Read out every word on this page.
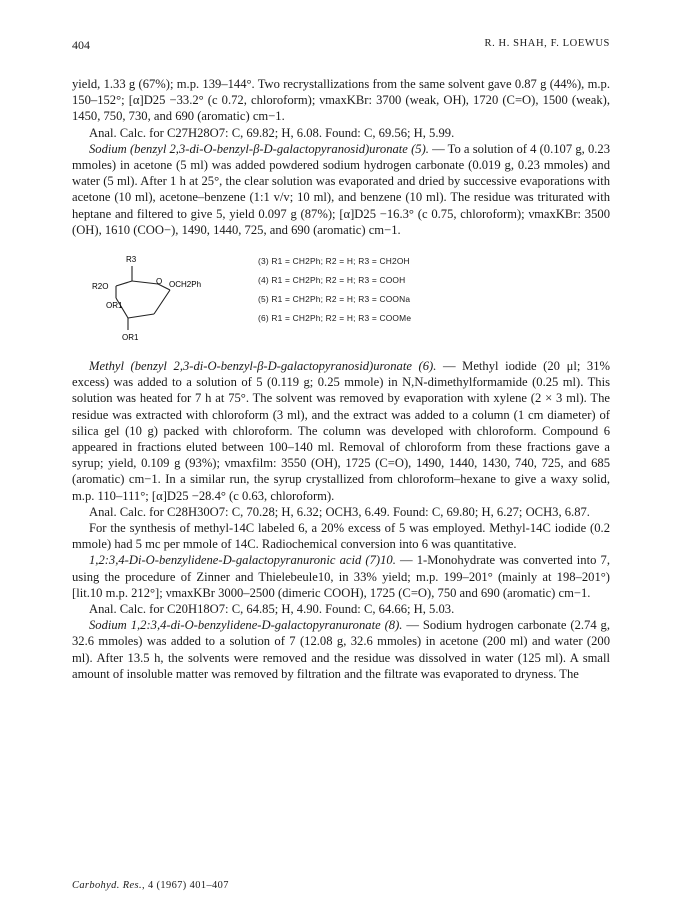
404	R. H. SHAH, F. LOEWUS

yield, 1.33 g (67%); m.p. 139–144°. Two recrystallizations from the same solvent gave 0.87 g (44%), m.p. 150–152°; [α]D25 −33.2° (c 0.72, chloroform); νmaxKBr: 3700 (weak, OH), 1720 (C=O), 1500 (weak), 1450, 750, 730, and 690 (aromatic) cm−1.

Anal. Calc. for C27H28O7: C, 69.82; H, 6.08. Found: C, 69.56; H, 5.99.

Sodium (benzyl 2,3-di-O-benzyl-β-D-galactopyranosid)uronate (5). — To a solution of 4 (0.107 g, 0.23 mmoles) in acetone (5 ml) was added powdered sodium hydrogen carbonate (0.019 g, 0.23 mmoles) and water (5 ml). After 1 h at 25°, the clear solution was evaporated and dried by successive evaporations with acetone (10 ml), acetone–benzene (1:1 v/v; 10 ml), and benzene (10 ml). The residue was triturated with heptane and filtered to give 5, yield 0.097 g (87%); [α]D25 −16.3° (c 0.75, chloroform); νmaxKBr: 3500 (OH), 1610 (COO−), 1490, 1440, 725, and 690 (aromatic) cm−1.

R3
R2O
O OCH2Ph
OR1
OR1
(3) R1 = CH2Ph; R2 = H; R3 = CH2OH
(4) R1 = CH2Ph; R2 = H; R3 = COOH
(5) R1 = CH2Ph; R2 = H; R3 = COONa
(6) R1 = CH2Ph; R2 = H; R3 = COOMe

Methyl (benzyl 2,3-di-O-benzyl-β-D-galactopyranosid)uronate (6). — Methyl iodide (20 μl; 31% excess) was added to a solution of 5 (0.119 g; 0.25 mmole) in N,N-dimethylformamide (0.25 ml). This solution was heated for 7 h at 75°. The solvent was removed by evaporation with xylene (2 × 3 ml). The residue was extracted with chloroform (3 ml), and the extract was added to a column (1 cm diameter) of silica gel (10 g) packed with chloroform. The column was developed with chloroform. Compound 6 appeared in fractions eluted between 100–140 ml. Removal of chloroform from these fractions gave a syrup; yield, 0.109 g (93%); νmaxfilm: 3550 (OH), 1725 (C=O), 1490, 1440, 1430, 740, 725, and 685 (aromatic) cm−1. In a similar run, the syrup crystallized from chloroform–hexane to give a waxy solid, m.p. 110–111°; [α]D25 −28.4° (c 0.63, chloroform).

Anal. Calc. for C28H30O7: C, 70.28; H, 6.32; OCH3, 6.49. Found: C, 69.80; H, 6.27; OCH3, 6.87.

For the synthesis of methyl-14C labeled 6, a 20% excess of 5 was employed. Methyl-14C iodide (0.2 mmole) had 5 mc per mmole of 14C. Radiochemical conversion into 6 was quantitative.

1,2:3,4-Di-O-benzylidene-D-galactopyranuronic acid (7)10. — 1-Monohydrate was converted into 7, using the procedure of Zinner and Thielebeule10, in 33% yield; m.p. 199–201° (mainly at 198–201°) [lit.10 m.p. 212°]; νmaxKBr 3000–2500 (dimeric COOH), 1725 (C=O), 750 and 690 (aromatic) cm−1.

Anal. Calc. for C20H18O7: C, 64.85; H, 4.90. Found: C, 64.66; H, 5.03.

Sodium 1,2:3,4-di-O-benzylidene-D-galactopyranuronate (8). — Sodium hydrogen carbonate (2.74 g, 32.6 mmoles) was added to a solution of 7 (12.08 g, 32.6 mmoles) in acetone (200 ml) and water (200 ml). After 13.5 h, the solvents were removed and the residue was dissolved in water (125 ml). A small amount of insoluble matter was removed by filtration and the filtrate was evaporated to dryness. The

Carbohyd. Res., 4 (1967) 401–407
